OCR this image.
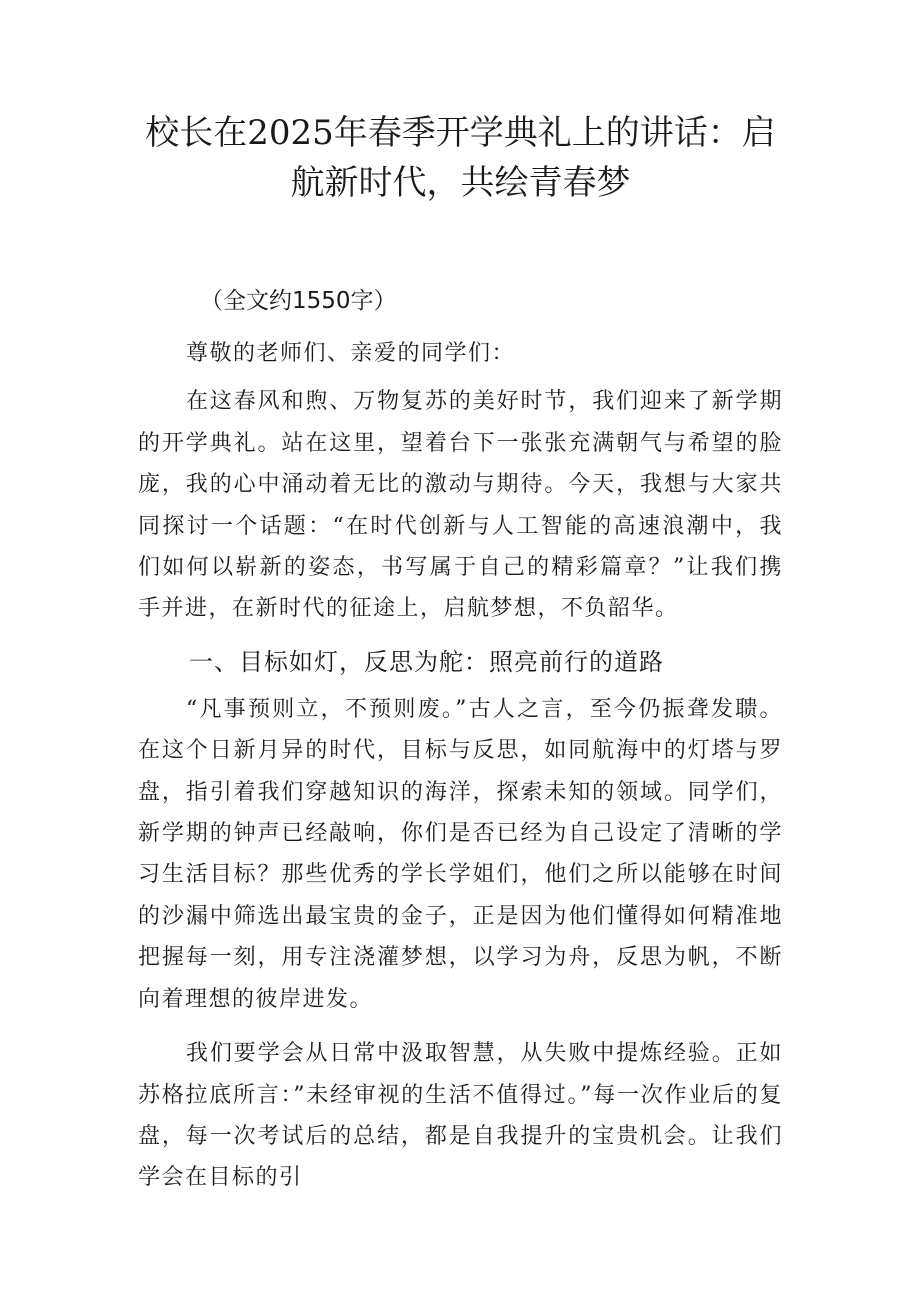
校长在2025年春季开学典礼上的讲话：启航新时代，共绘青春梦

（全文约1550字）

尊敬的老师们、亲爱的同学们：

在这春风和煦、万物复苏的美好时节，我们迎来了新学期的开学典礼。站在这里，望着台下一张张充满朝气与希望的脸庞，我的心中涌动着无比的激动与期待。今天，我想与大家共同探讨一个话题：“在时代创新与人工智能的高速浪潮中，我们如何以崭新的姿态，书写属于自己的精彩篇章？”让我们携手并进，在新时代的征途上，启航梦想，不负韶华。

一、目标如灯，反思为舵：照亮前行的道路

“凡事预则立，不预则废。”古人之言，至今仍振聋发聩。在这个日新月异的时代，目标与反思，如同航海中的灯塔与罗盘，指引着我们穿越知识的海洋，探索未知的领域。同学们，新学期的钟声已经敲响，你们是否已经为自己设定了清晰的学习生活目标？那些优秀的学长学姐们，他们之所以能够在时间的沙漏中筛选出最宝贵的金子，正是因为他们懂得如何精准地把握每一刻，用专注浇灌梦想，以学习为舟，反思为帆，不断向着理想的彼岸进发。

我们要学会从日常中汲取智慧，从失败中提炼经验。正如苏格拉底所言：”未经审视的生活不值得过。”每一次作业后的复盘，每一次考试后的总结，都是自我提升的宝贵机会。让我们学会在目标的引
